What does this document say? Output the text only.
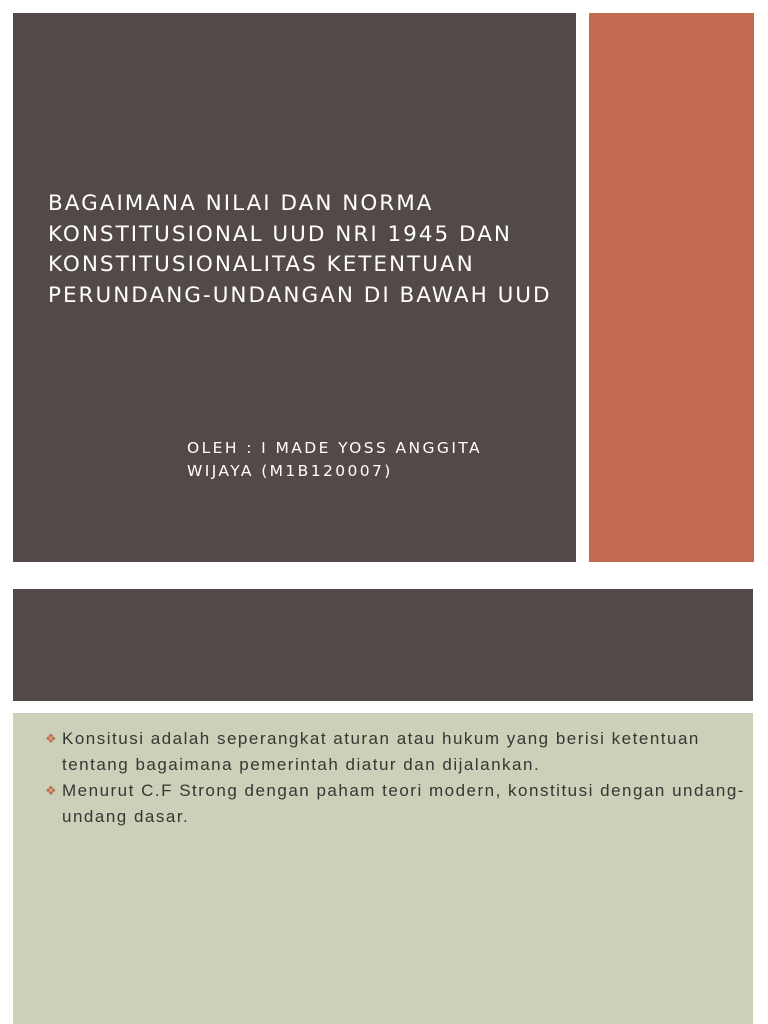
BAGAIMANA NILAI DAN NORMA KONSTITUSIONAL UUD NRI 1945 DAN KONSTITUSIONALITAS KETENTUAN PERUNDANG-UNDANGAN DI BAWAH UUD

OLEH : I MADE YOSS ANGGITA WIJAYA (M1B120007)

❖ Konsitusi adalah seperangkat aturan atau hukum yang berisi ketentuan tentang bagaimana pemerintah diatur dan dijalankan.
❖ Menurut C.F Strong dengan paham teori modern, konstitusi dengan undang-undang dasar.
